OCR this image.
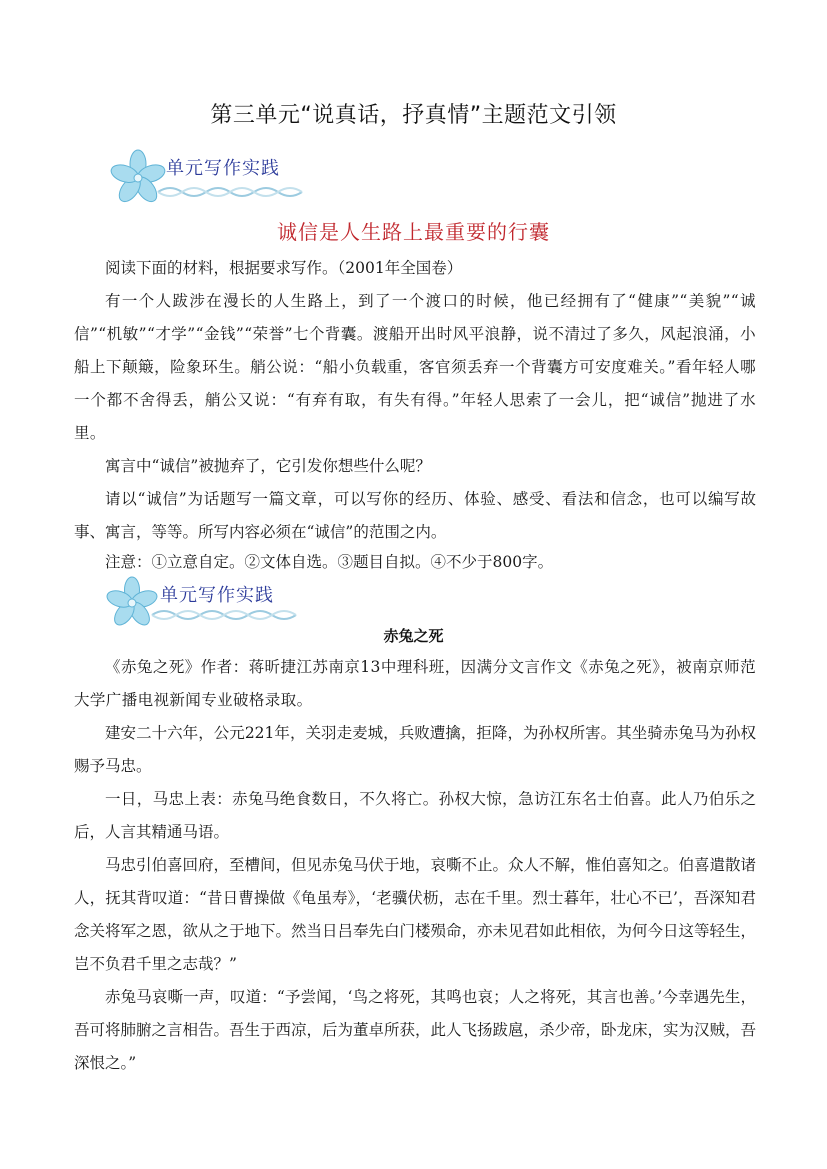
第三单元“说真话，抒真情”主题范文引领
单元写作实践
诚信是人生路上最重要的行囊

阅读下面的材料，根据要求写作。（2001年全国卷）

有一个人跋涉在漫长的人生路上，到了一个渡口的时候，他已经拥有了“健康”“美貌”“诚信”“机敏”“才学”“金钱”“荣誉”七个背囊。渡船开出时风平浪静，说不清过了多久，风起浪涌，小船上下颠簸，险象环生。艄公说：“船小负载重，客官须丢弃一个背囊方可安度难关。”看年轻人哪一个都不舍得丢，艄公又说：“有弃有取，有失有得。”年轻人思索了一会儿，把“诚信”抛进了水里。

寓言中“诚信”被抛弃了，它引发你想些什么呢？

请以“诚信”为话题写一篇文章，可以写你的经历、体验、感受、看法和信念，也可以编写故事、寓言，等等。所写内容必须在“诚信”的范围之内。

注意：①立意自定。②文体自选。③题目自拟。④不少于800字。

单元写作实践
赤兔之死

《赤兔之死》作者：蒋昕捷江苏南京13中理科班，因满分文言作文《赤兔之死》，被南京师范大学广播电视新闻专业破格录取。

建安二十六年，公元221年，关羽走麦城，兵败遭擒，拒降，为孙权所害。其坐骑赤兔马为孙权赐予马忠。

一日，马忠上表：赤兔马绝食数日，不久将亡。孙权大惊，急访江东名士伯喜。此人乃伯乐之后，人言其精通马语。

马忠引伯喜回府，至槽间，但见赤兔马伏于地，哀嘶不止。众人不解，惟伯喜知之。伯喜遣散诸人，抚其背叹道：“昔日曹操做《龟虽寿》，‘老骥伏枥，志在千里。烈士暮年，壮心不已’，吾深知君念关将军之恩，欲从之于地下。然当日吕奉先白门楼殒命，亦未见君如此相依，为何今日这等轻生，岂不负君千里之志哉？”

赤兔马哀嘶一声，叹道：“予尝闻，‘鸟之将死，其鸣也哀；人之将死，其言也善。’今幸遇先生，吾可将肺腑之言相告。吾生于西凉，后为董卓所获，此人飞扬跋扈，杀少帝，卧龙床，实为汉贼，吾深恨之。”
